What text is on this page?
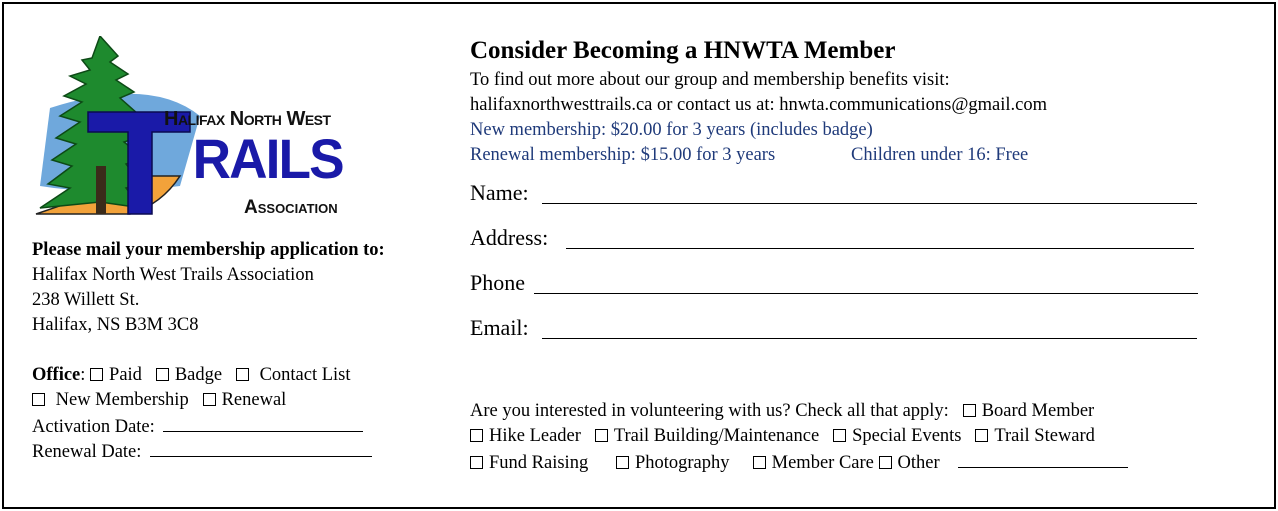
Halifax North West
RAILS
Association
Please mail your membership application to:
Halifax North West Trails Association
238 Willett St.
Halifax, NS B3M 3C8
Office: Paid Badge Contact List
New Membership Renewal
Activation Date:
Renewal Date:
Consider Becoming a HNWTA Member
To find out more about our group and membership benefits visit:
halifaxnorthwesttrails.ca or contact us at: hnwta.communications@gmail.com
New membership: $20.00 for 3 years (includes badge)
Renewal membership: $15.00 for 3 years	Children under 16: Free
Name:
Address:
Phone
Email:
Are you interested in volunteering with us? Check all that apply: Board Member
Hike Leader Trail Building/Maintenance Special Events Trail Steward
Fund Raising	Photography Member Care Other
